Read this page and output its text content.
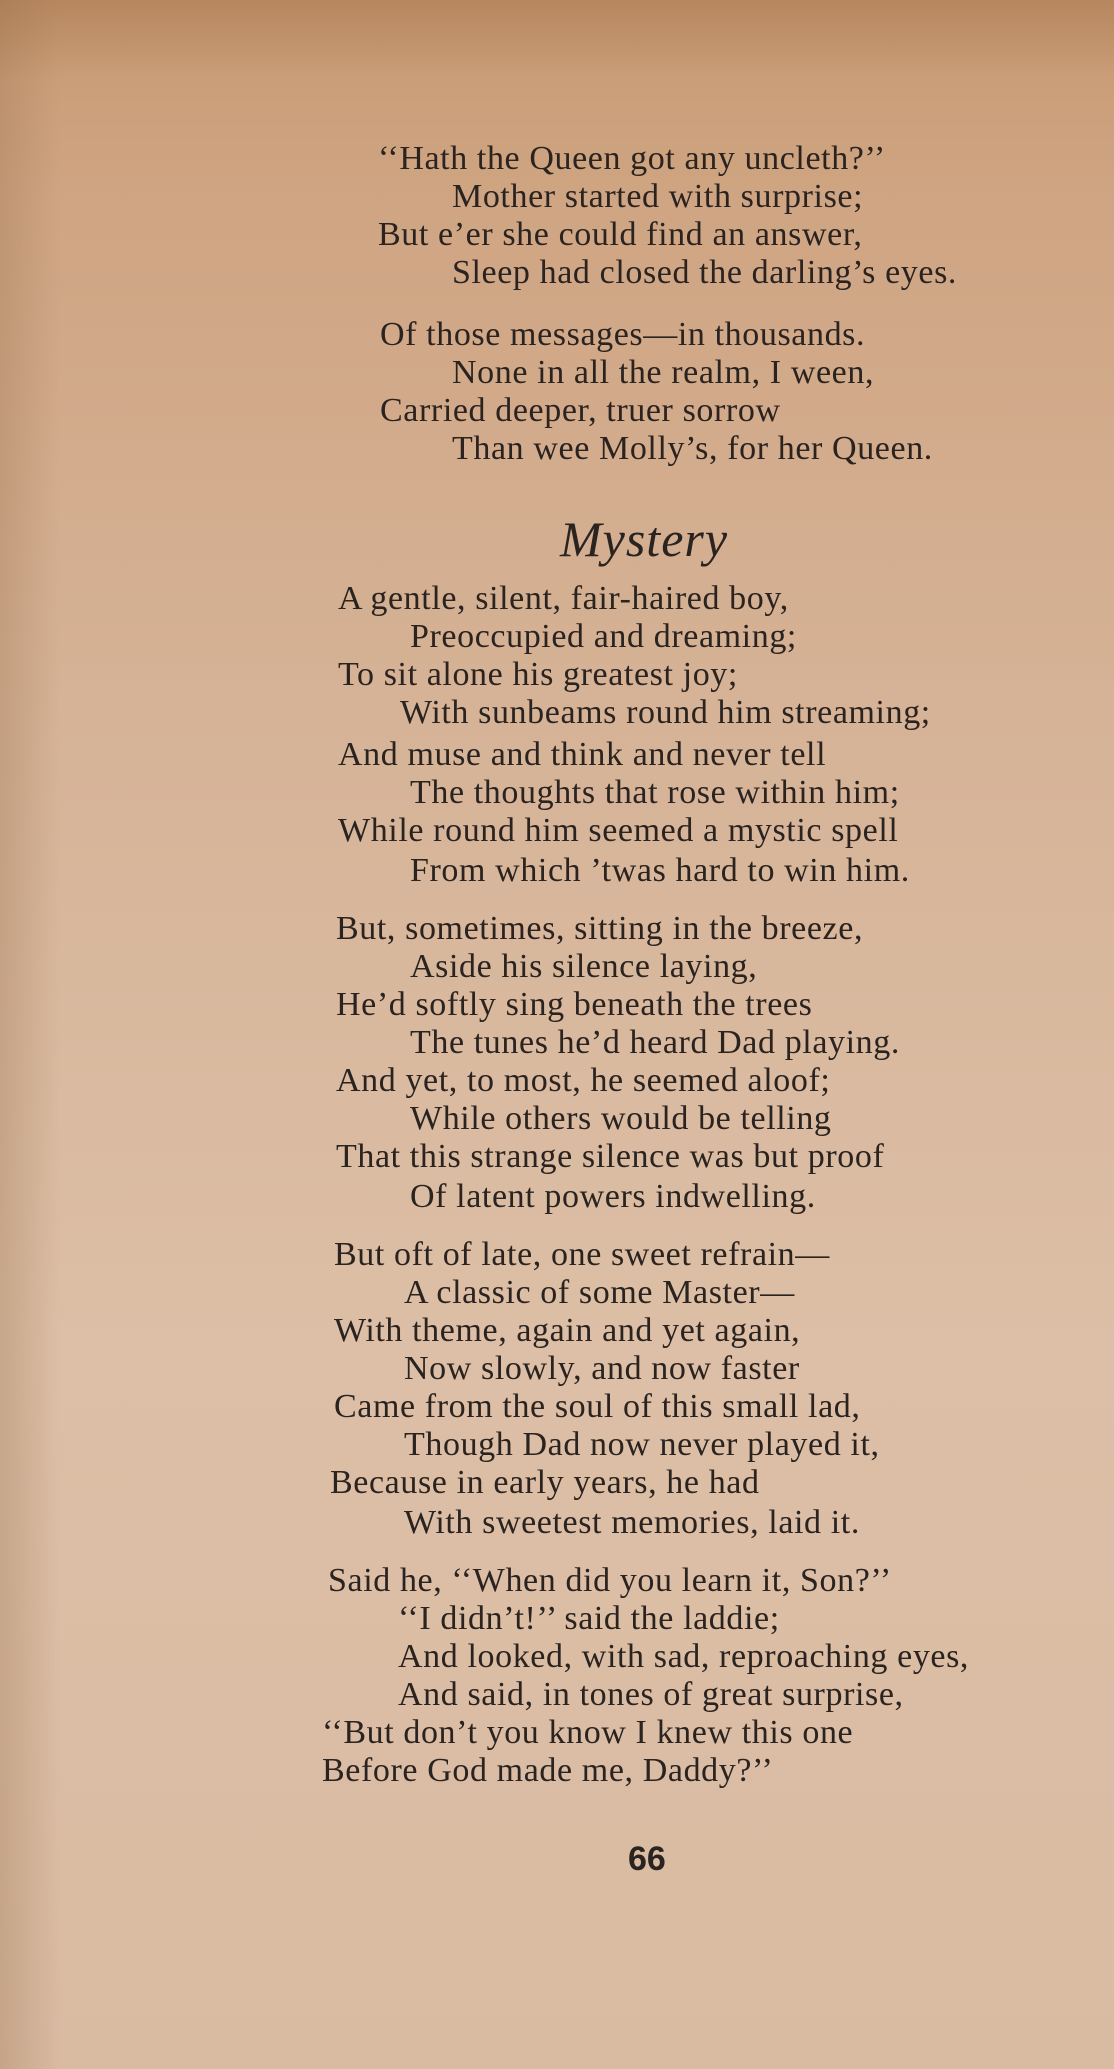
‘‘Hath the Queen got any uncleth?’’
Mother started with surprise;
But e’er she could find an answer,
Sleep had closed the darling’s eyes.
Of those messages—in thousands.
None in all the realm, I ween,
Carried deeper, truer sorrow
Than wee Molly’s, for her Queen.
Mystery
A gentle, silent, fair-haired boy,
Preoccupied and dreaming;
To sit alone his greatest joy;
With sunbeams round him streaming;
And muse and think and never tell
The thoughts that rose within him;
While round him seemed a mystic spell
From which ’twas hard to win him.
But, sometimes, sitting in the breeze,
Aside his silence laying,
He’d softly sing beneath the trees
The tunes he’d heard Dad playing.
And yet, to most, he seemed aloof;
While others would be telling
That this strange silence was but proof
Of latent powers indwelling.
But oft of late, one sweet refrain—
A classic of some Master—
With theme, again and yet again,
Now slowly, and now faster
Came from the soul of this small lad,
Though Dad now never played it,
Because in early years, he had
With sweetest memories, laid it.
Said he, ‘‘When did you learn it, Son?’’
‘‘I didn’t!’’ said the laddie;
And looked, with sad, reproaching eyes,
And said, in tones of great surprise,
‘‘But don’t you know I knew this one
Before God made me, Daddy?’’
66
